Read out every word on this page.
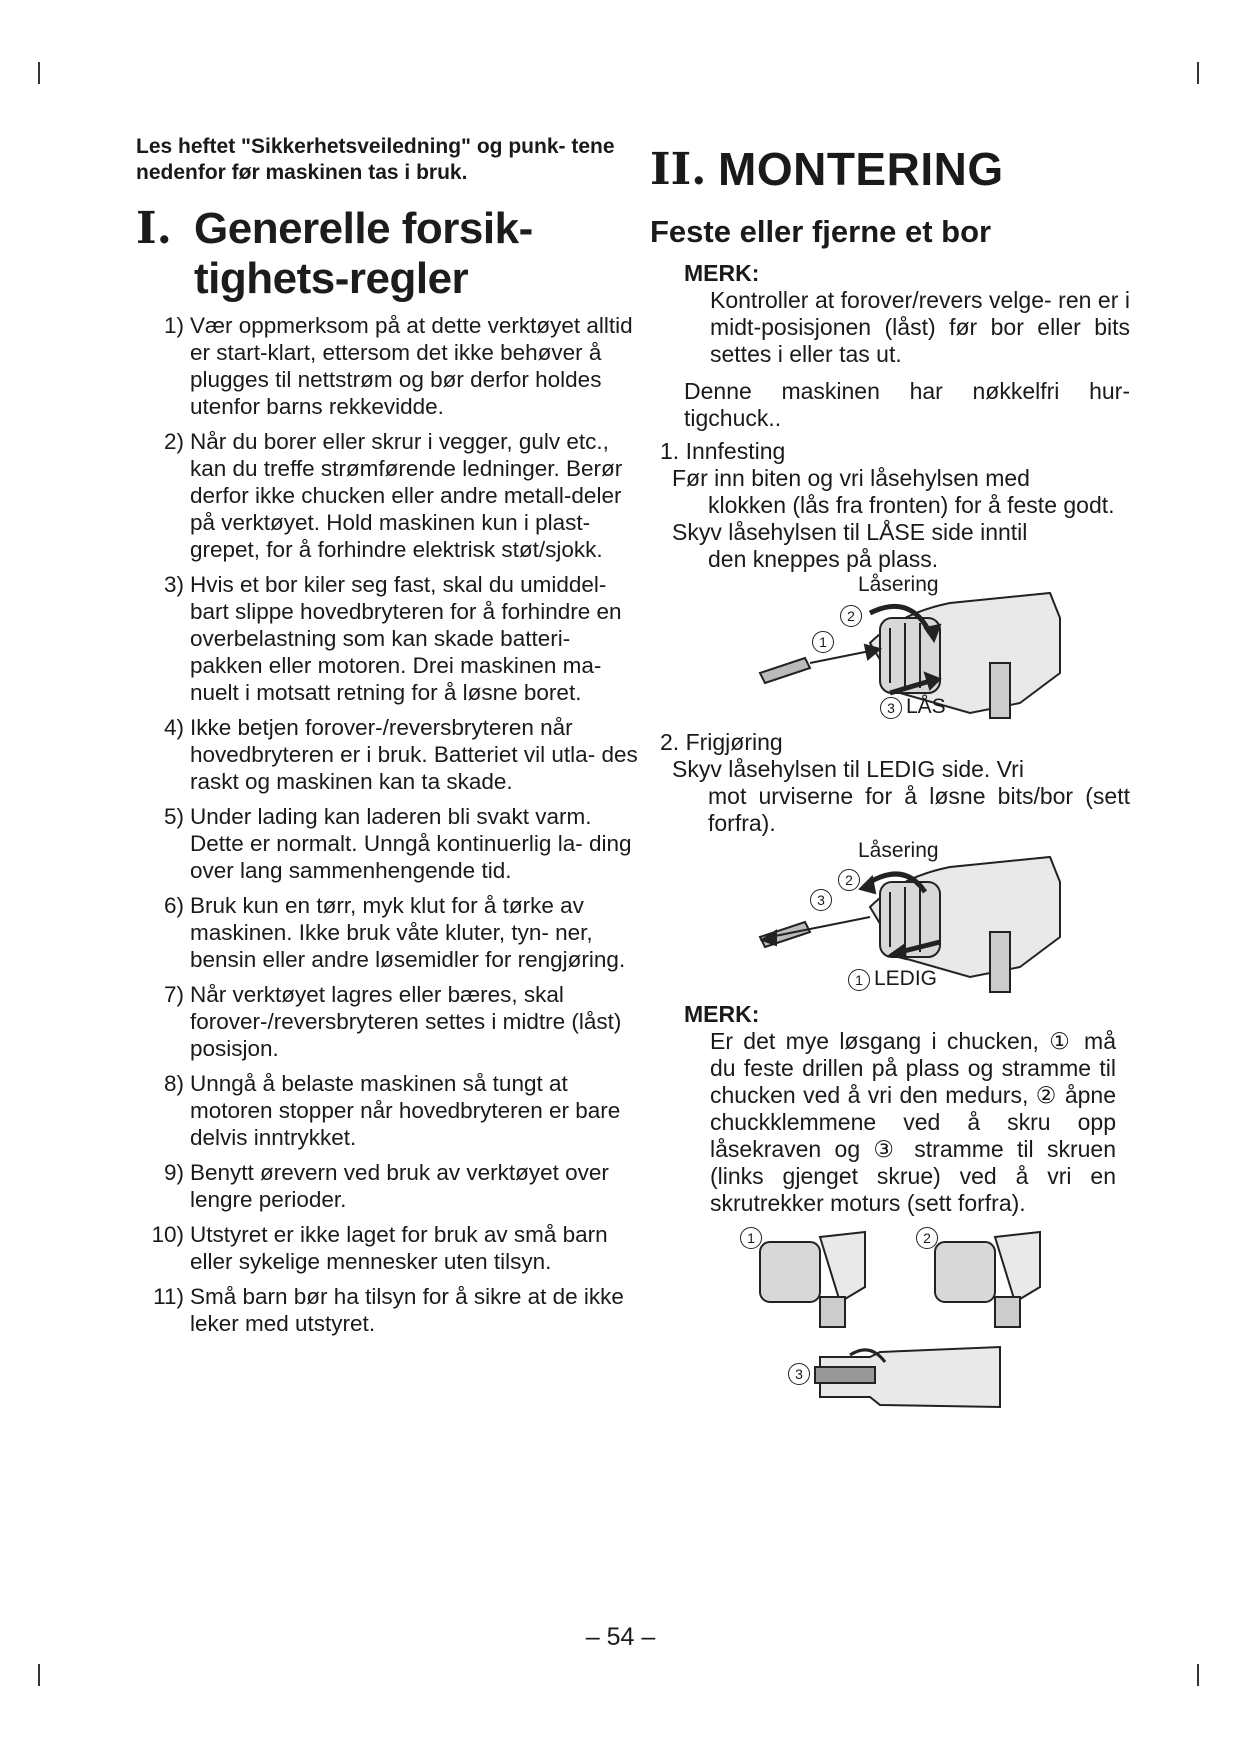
Les heftet "Sikkerhetsveiledning" og punk- tene nedenfor før maskinen tas i bruk.

I. Generelle forsik- tighets-regler
1) Vær oppmerksom på at dette verktøyet alltid er start-klart, ettersom det ikke behøver å plugges til nettstrøm og bør derfor holdes utenfor barns rekkevidde.
2) Når du borer eller skrur i vegger, gulv etc., kan du treffe strømførende ledninger. Berør derfor ikke chucken eller andre metall-deler på verktøyet. Hold maskinen kun i plast-grepet, for å forhindre elektrisk støt/sjokk.
3) Hvis et bor kiler seg fast, skal du umiddel- bart slippe hovedbryteren for å forhindre en overbelastning som kan skade batteri- pakken eller motoren. Drei maskinen ma- nuelt i motsatt retning for å løsne boret.
4) Ikke betjen forover-/reversbryteren når hovedbryteren er i bruk. Batteriet vil utla- des raskt og maskinen kan ta skade.
5) Under lading kan laderen bli svakt varm. Dette er normalt. Unngå kontinuerlig la- ding over lang sammenhengende tid.
6) Bruk kun en tørr, myk klut for å tørke av maskinen. Ikke bruk våte kluter, tyn- ner, bensin eller andre løsemidler for rengjøring.
7) Når verktøyet lagres eller bæres, skal forover-/reversbryteren settes i midtre (låst) posisjon.
8) Unngå å belaste maskinen så tungt at motoren stopper når hovedbryteren er bare delvis inntrykket.
9) Benytt ørevern ved bruk av verktøyet over lengre perioder.
10) Utstyret er ikke laget for bruk av små barn eller sykelige mennesker uten tilsyn.
11) Små barn bør ha tilsyn for å sikre at de ikke leker med utstyret.
II. MONTERING
Feste eller fjerne et bor
MERK:
Kontroller at forover/revers velge- ren er i midt-posisjonen (låst) før bor eller bits settes i eller tas ut.
Denne maskinen har nøkkelfri hur- tigchuck..
1. Innfesting
Før inn biten og vri låsehylsen med
klokken (lås fra fronten) for å feste godt.
Skyv låsehylsen til LÅSE side inntil
den kneppes på plass.
Låsering
1
2
3 LÅS
2. Frigjøring
Skyv låsehylsen til LEDIG side. Vri
mot urviserne for å løsne bits/bor (sett forfra).
Låsering
3
2
1 LEDIG
MERK:
Er det mye løsgang i chucken, ① må du feste drillen på plass og stramme til chucken ved å vri den medurs, ② åpne chuckklemmene ved å skru opp låsekraven og ③ stramme til skruen (links gjenget skrue) ved å vri en skrutrekker moturs (sett forfra).
1	2
3
– 54 –
